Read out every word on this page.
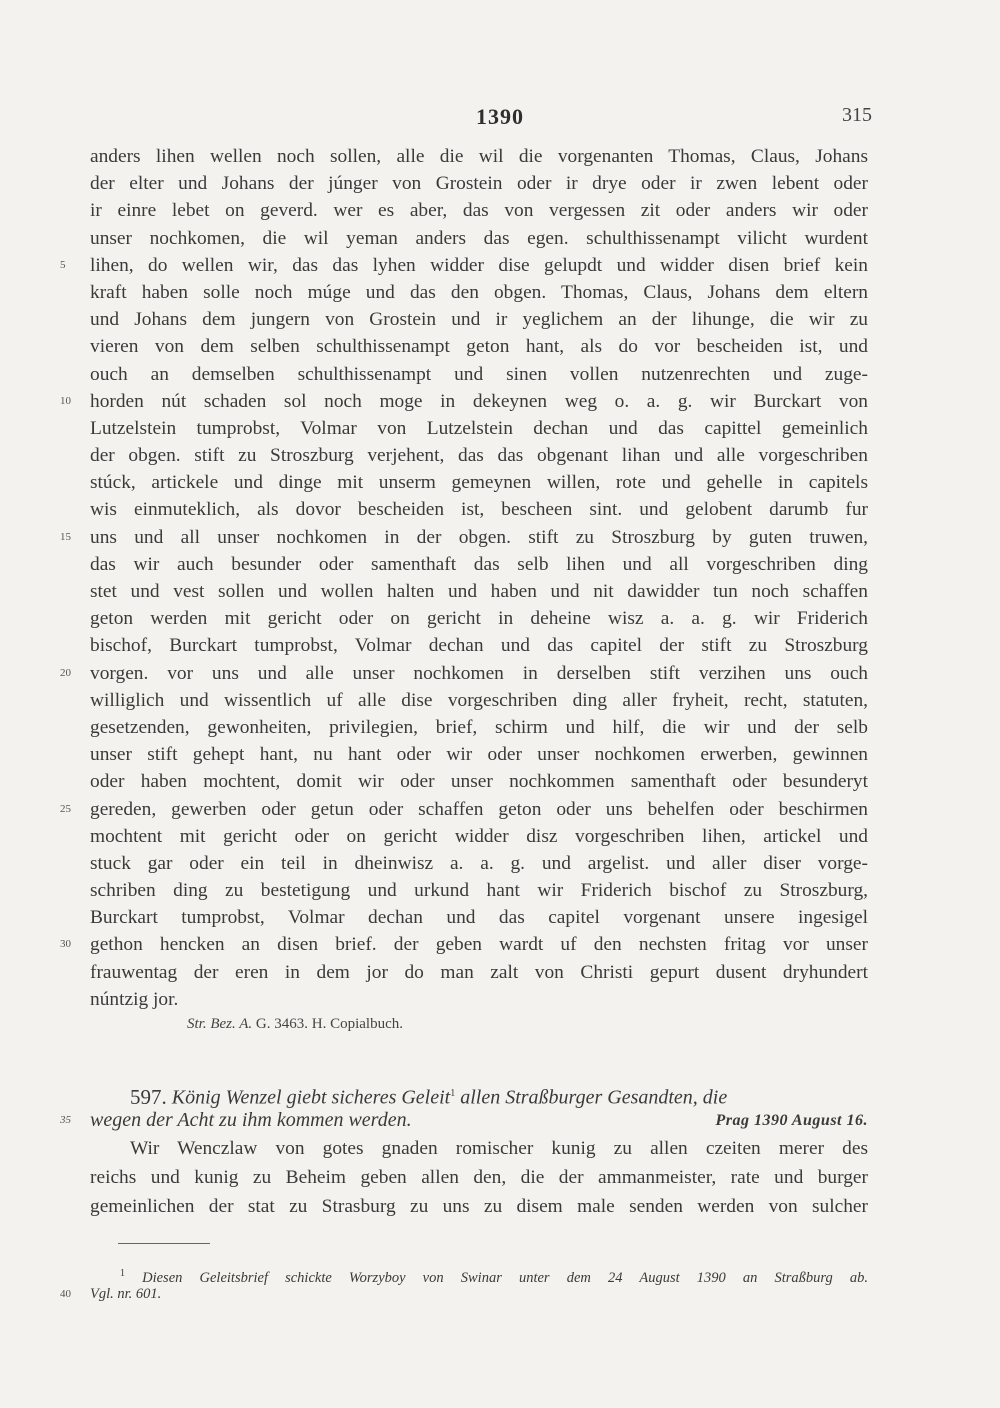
1390	315
anders lihen wellen noch sollen, alle die wil die vorgenanten Thomas, Claus, Johans
der elter und Johans der júnger von Grostein oder ir drye oder ir zwen lebent oder
ir einre lebet on geverd. wer es aber, das von vergessen zit oder anders wir oder
unser nochkomen, die wil yeman anders das egen. schulthissenampt vilicht wurdent
5	lihen, do wellen wir, das das lyhen widder dise gelupdt und widder disen brief kein
kraft haben solle noch múge und das den obgen. Thomas, Claus, Johans dem eltern
und Johans dem jungern von Grostein und ir yeglichem an der lihunge, die wir zu
vieren von dem selben schulthissenampt geton hant, als do vor bescheiden ist, und
ouch an demselben schulthissenampt und sinen vollen nutzenrechten und zuge-
10 horden nút schaden sol noch moge in dekeynen weg o. a. g. wir Burckart von
Lutzelstein tumprobst, Volmar von Lutzelstein dechan und das capittel gemeinlich
der obgen. stift zu Stroszburg verjehent, das das obgenant lihan und alle vorgeschriben
stúck, artickele und dinge mit unserm gemeynen willen, rote und gehelle in capitels
wis einmuteklich, als dovor bescheiden ist, bescheen sint. und gelobent darumb fur
15 uns und all unser nochkomen in der obgen. stift zu Stroszburg by guten truwen,
das wir auch besunder oder samenthaft das selb lihen und all vorgeschriben ding
stet und vest sollen und wollen halten und haben und nit dawidder tun noch schaffen
geton werden mit gericht oder on gericht in deheine wisz a. a. g. wir Friderich
bischof, Burckart tumprobst, Volmar dechan und das capitel der stift zu Stroszburg
20 vorgen. vor uns und alle unser nochkomen in derselben stift verzihen uns ouch
williglich und wissentlich uf alle dise vorgeschriben ding aller fryheit, recht, statuten,
gesetzenden, gewonheiten, privilegien, brief, schirm und hilf, die wir und der selb
unser stift gehept hant, nu hant oder wir oder unser nochkomen erwerben, gewinnen
oder haben mochtent, domit wir oder unser nochkommen samenthaft oder besunderyt
25 gereden, gewerben oder getun oder schaffen geton oder uns behelfen oder beschirmen
mochtent mit gericht oder on gericht widder disz vorgeschriben lihen, artickel und
stuck gar oder ein teil in dheinwisz a. a. g. und argelist. und aller diser vorge-
schriben ding zu bestetigung und urkund hant wir Friderich bischof zu Stroszburg,
Burckart tumprobst, Volmar dechan und das capitel vorgenant unsere ingesigel
30 gethon hencken an disen brief. der geben wardt uf den nechsten fritag vor unser
frauwentag der eren in dem jor do man zalt von Christi gepurt dusent dryhundert
núntzig jor.
Str. Bez. A. G. 3463. H. Copialbuch.
597. König Wenzel giebt sicheres Geleit$^1$ allen Straßburger Gesandten, die
35 wegen der Acht zu ihm kommen werden.	Prag 1390 August 16.
Wir Wenczlaw von gotes gnaden romischer kunig zu allen czeiten merer des
reichs und kunig zu Beheim geben allen den, die der ammanmeister, rate und burger
gemeinlichen der stat zu Strasburg zu uns zu disem male senden werden von sulcher
$^1$ Diesen Geleitsbrief schickte Worzyboy von Swinar unter dem 24 August 1390 an Straßburg ab.
40	Vgl. nr. 601.
